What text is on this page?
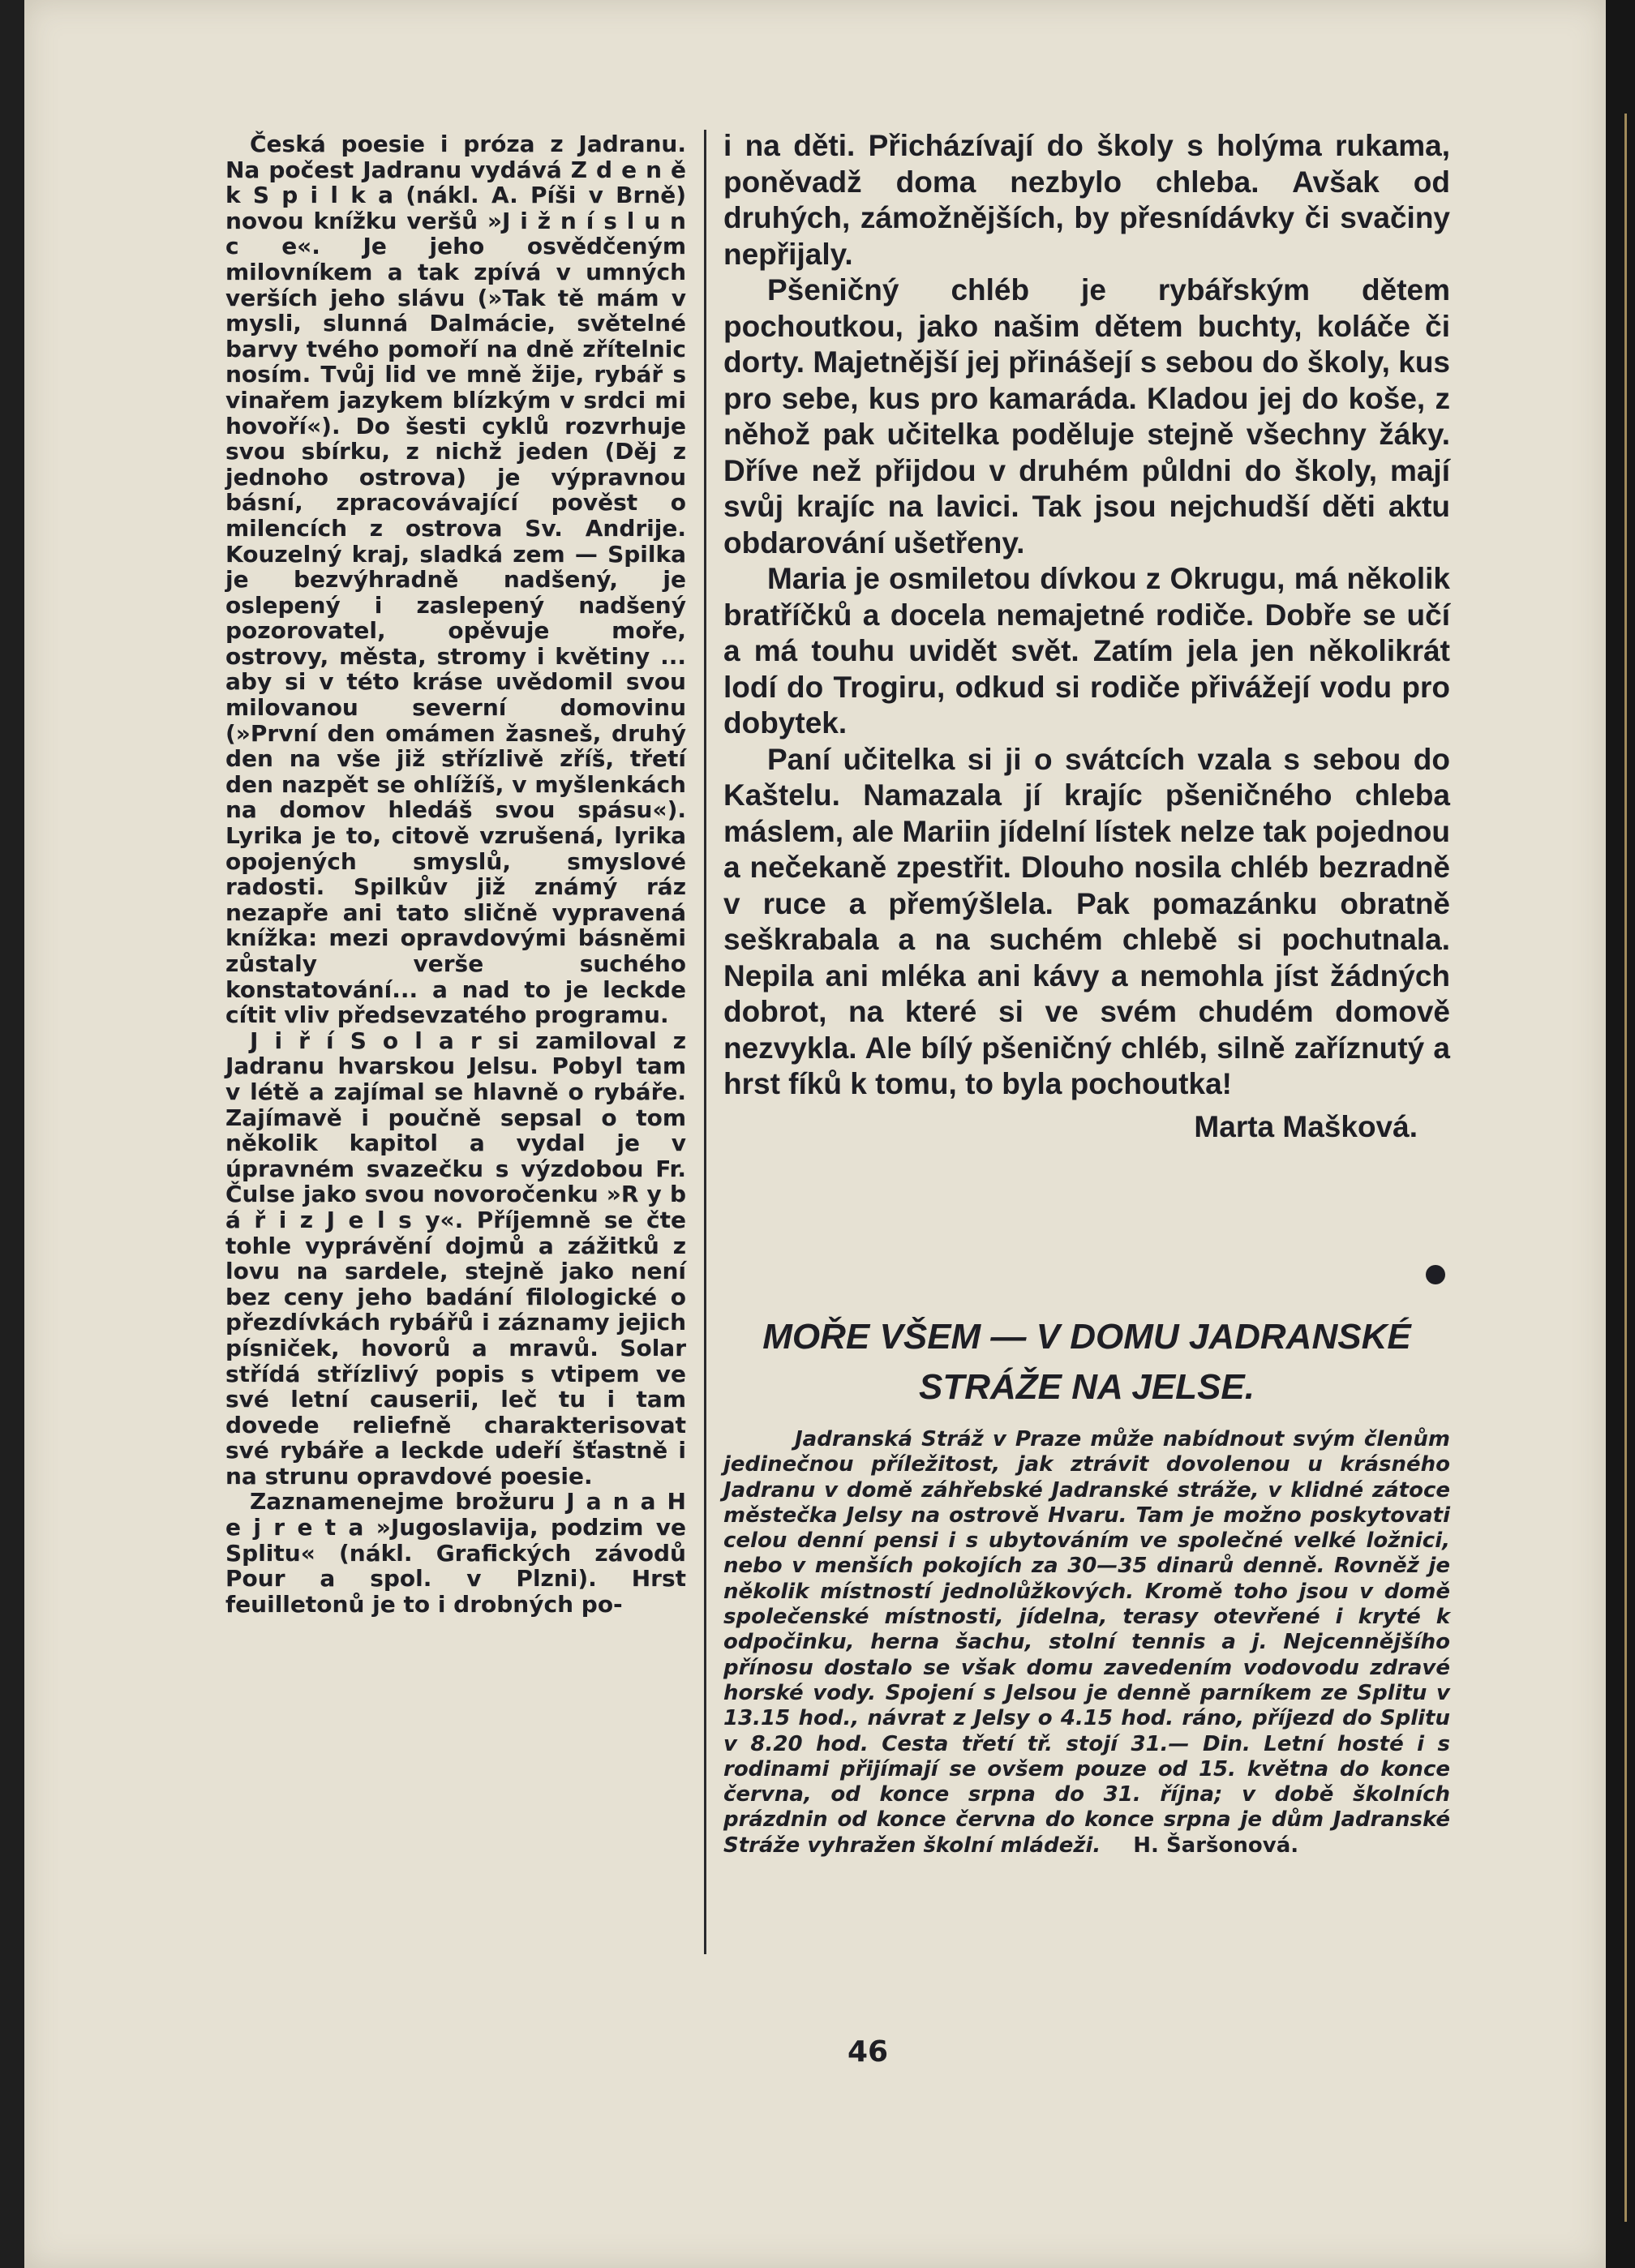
Česká poesie i próza z Jadranu. Na počest Jadranu vydává Z d e n ě k S p i l k a (nákl. A. Píši v Brně) novou knížku veršů »J i ž n í s l u n c e«. Je jeho osvědčeným milovníkem a tak zpívá v umných verších jeho slávu (»Tak tě mám v mysli, slunná Dalmácie, světelné barvy tvého pomoří na dně zřítelnic nosím. Tvůj lid ve mně žije, rybář s vinařem jazykem blízkým v srdci mi hovoří«). Do šesti cyklů rozvrhuje svou sbírku, z nichž jeden (Děj z jednoho ostrova) je výpravnou básní, zpracovávající pověst o milencích z ostrova Sv. Andrije. Kouzelný kraj, sladká zem — Spilka je bezvýhradně nadšený, je oslepený i zaslepený nadšený pozorovatel, opěvuje moře, ostrovy, města, stromy i květiny ... aby si v této kráse uvědomil svou milovanou severní domovinu (»První den omámen žasneš, druhý den na vše již střízlivě zříš, třetí den nazpět se ohlížíš, v myšlenkách na domov hledáš svou spásu«). Lyrika je to, citově vzrušená, lyrika opojených smyslů, smyslové radosti. Spilkův již známý ráz nezapře ani tato sličně vypravená knížka: mezi opravdovými básněmi zůstaly verše suchého konstatování... a nad to je leckde cítit vliv předsevzatého programu.

J i ř í S o l a r si zamiloval z Jadranu hvarskou Jelsu. Pobyl tam v létě a zajímal se hlavně o rybáře. Zajímavě i poučně sepsal o tom několik kapitol a vydal je v úpravném svazečku s výzdobou Fr. Čulse jako svou novoročenku »R y b á ř i z J e l s y«. Příjemně se čte tohle vyprávění dojmů a zážitků z lovu na sardele, stejně jako není bez ceny jeho badání filologické o přezdívkách rybářů i záznamy jejich písniček, hovorů a mravů. Solar střídá střízlivý popis s vtipem ve své letní causerii, leč tu i tam dovede reliefně charakterisovat své rybáře a leckde udeří šťastně i na strunu opravdové poesie.

Zaznamenejme brožuru J a n a H e j r e t a »Jugoslavija, podzim ve Splitu« (nákl. Grafických závodů Pour a spol. v Plzni). Hrst feuilletonů je to i drobných po-

i na děti. Přicházívají do školy s holýma rukama, poněvadž doma nezbylo chleba. Avšak od druhých, zámožnějších, by přesnídávky či svačiny nepřijaly.

Pšeničný chléb je rybářským dětem pochoutkou, jako našim dětem buchty, koláče či dorty. Majetnější jej přinášejí s sebou do školy, kus pro sebe, kus pro kamaráda. Kladou jej do koše, z něhož pak učitelka poděluje stejně všechny žáky. Dříve než přijdou v druhém půldni do školy, mají svůj krajíc na lavici. Tak jsou nejchudší děti aktu obdarování ušetřeny.

Maria je osmiletou dívkou z Okrugu, má několik bratříčků a docela nemajetné rodiče. Dobře se učí a má touhu uvidět svět. Zatím jela jen několikrát lodí do Trogiru, odkud si rodiče přivážejí vodu pro dobytek.

Paní učitelka si ji o svátcích vzala s sebou do Kaštelu. Namazala jí krajíc pšeničného chleba máslem, ale Mariin jídelní lístek nelze tak pojednou a nečekaně zpestřit. Dlouho nosila chléb bezradně v ruce a přemýšlela. Pak pomazánku obratně seškrabala a na suchém chlebě si pochutnala. Nepila ani mléka ani kávy a nemohla jíst žádných dobrot, na které si ve svém chudém domově nezvykla. Ale bílý pšeničný chléb, silně zaříznutý a hrst fíků k tomu, to byla pochoutka!

Marta Mašková.

MOŘE VŠEM — V DOMU JADRANSKÉ
STRÁŽE NA JELSE.

Jadranská Stráž v Praze může nabídnout svým členům jedinečnou příležitost, jak ztrávit dovolenou u krásného Jadranu v domě záhřebské Jadranské stráže, v klidné zátoce městečka Jelsy na ostrově Hvaru. Tam je možno poskytovati celou denní pensi i s ubytováním ve společné velké ložnici, nebo v menších pokojích za 30—35 dinarů denně. Rovněž je několik místností jednolůžkových. Kromě toho jsou v domě společenské místnosti, jídelna, terasy otevřené i kryté k odpočinku, herna šachu, stolní tennis a j. Nejcennějšího přínosu dostalo se však domu zavedením vodovodu zdravé horské vody. Spojení s Jelsou je denně parníkem ze Splitu v 13.15 hod., návrat z Jelsy o 4.15 hod. ráno, příjezd do Splitu v 8.20 hod. Cesta třetí tř. stojí 31.— Din. Letní hosté i s rodinami přijímají se ovšem pouze od 15. května do konce června, od konce srpna do 31. října; v době školních prázdnin od konce června do konce srpna je dům Jadranské Stráže vyhražen školní mládeži. H. Šaršonová.

46
